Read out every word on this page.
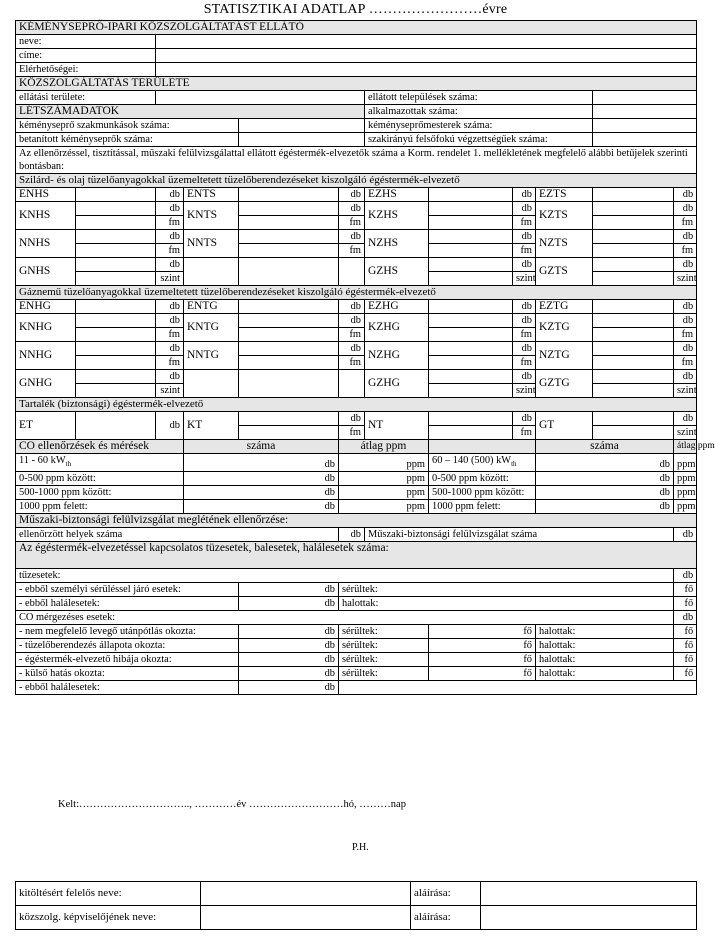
STATISZTIKAI ADATLAP ……………………évre
KÉMÉNYSEPRŐ-IPARI KÖZSZOLGÁLTATÁST ELLÁTÓ											
neve:											
címe:											
Elérhetőségei:											
KÖZSZOLGÁLTATÁS TERÜLETE											
ellátási területe:						ellátott települések száma:					
LÉTSZÁMADATOK						alkalmazottak száma:					
kéményseprő szakmunkások száma:						kéményseprőmesterek száma:					
betanított kéményseprők száma:						szakirányú felsőfokú végzettségűek száma:					
Az ellenőrzéssel, tisztítással, műszaki felülvizsgálattal ellátott égéstermék-elvezetők száma a Korm. rendelet 1. mellékletének megfelelő alábbi betűjelek szerinti bontásban:											
Szilárd- és olaj tüzelőanyagokkal üzemeltetett tüzelőberendezéseket kiszolgáló égéstermék-elvezető											
ENHS		db	ENTS		db	EZHS		db	EZTS		db
KNHS		db	KNTS		db	KZHS		db	KZTS		db
		fm			fm			fm			fm
NNHS		db	NNTS		db	NZHS		db	NZTS		db
		fm			fm			fm			fm
GNHS		db				GZHS		db	GZTS		db
		szint						szint			szint
Gáznemű tüzelőanyagokkal üzemeltetett tüzelőberendezéseket kiszolgáló égéstermék-elvezető											
ENHG		db	ENTG		db	EZHG		db	EZTG		db
KNHG		db	KNTG		db	KZHG		db	KZTG		db
		fm			fm			fm			fm
NNHG		db	NNTG		db	NZHG		db	NZTG		db
		fm			fm			fm			fm
GNHG		db				GZHG		db	GZTG		db
		szint						szint			szint
Tartalék (biztonsági) égéstermék-elvezető											
ET		db	KT		db	NT		db	GT		db
					fm			fm			szint
CO ellenőrzések és mérések			száma		átlag ppm				száma		átlag ppm
11 - 60 $kW_{th}$			db		ppm		60 – 140 (500) $kW_{th}$		db		ppm
0-500 ppm között:			db		ppm		0-500 ppm között:		db		ppm
500-1000 ppm között:			db		ppm		500-1000 ppm között:		db		ppm
1000 ppm felett:			db		ppm		1000 ppm felett:		db		ppm
Műszaki-biztonsági felülvizsgálat meglétének ellenőrzése:											
ellenőrzött helyek száma					db	Műszaki-biztonsági felülvizsgálat száma					db
Az égéstermék-elvezetéssel kapcsolatos tüzesetek, balesetek, halálesetek száma:											
tűzesetek:											db
- ebből személyi sérüléssel járó esetek:				db	sérültek:						fő
- ebből halálesetek:				db	halottak:						fő
CO mérgezéses esetek:											db
- nem megfelelő levegő utánpótlás okozta:				db	sérültek:		fő		halottak:		fő
- tüzelőberendezés állapota okozta:				db	sérültek:		fő		halottak:		fő
- égéstermék-elvezető hibája okozta:				db	sérültek:		fő		halottak:		fő
- külső hatás okozta:				db	sérültek:		fő		halottak:		fő
- ebből halálesetek:				db							
Kelt:………………………….., …………év ………………………hó, ………nap
P.H.
kitöltésért felelős neve:		aláírása:	
közszolg. képviselőjének neve:		aláírása:	
